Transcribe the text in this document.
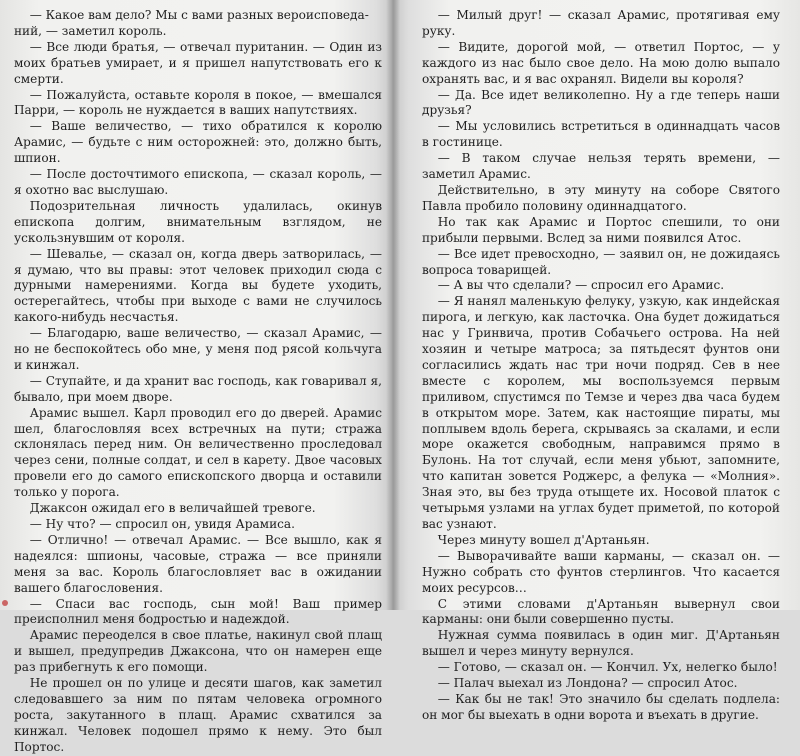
— Какое вам дело? Мы с вами разных вероисповеда-

ний, — заметил король.

— Все люди братья, — отвечал пуританин. — Один из моих братьев умирает, и я пришел напутствовать его к смерти.

— Пожалуйста, оставьте короля в покое, — вмешался Парри, — король не нуждается в ваших напутствиях.

— Ваше величество, — тихо обратился к королю Арамис, — будьте с ним осторожней: это, должно быть, шпион.

— После досточтимого епископа, — сказал король, — я охотно вас выслушаю.

Подозрительная личность удалилась, окинув епископа долгим, внимательным взглядом, не ускользнувшим от короля.

— Шевалье, — сказал он, когда дверь затворилась, — я думаю, что вы правы: этот человек приходил сюда с дурными намерениями. Когда вы будете уходить, остерегайтесь, чтобы при выходе с вами не случилось какого-нибудь несчастья.

— Благодарю, ваше величество, — сказал Арамис, — но не беспокойтесь обо мне, у меня под рясой кольчуга и кинжал.

— Ступайте, и да хранит вас господь, как говаривал я, бывало, при моем дворе.

Арамис вышел. Карл проводил его до дверей. Арамис шел, благословляя всех встречных на пути; стража склонялась перед ним. Он величественно проследовал через сени, полные солдат, и сел в карету. Двое часовых провели его до самого епископского дворца и оставили только у порога.

Джаксон ожидал его в величайшей тревоге.

— Ну что? — спросил он, увидя Арамиса.

— Отлично! — отвечал Арамис. — Все вышло, как я надеялся: шпионы, часовые, стража — все приняли меня за вас. Король благословляет вас в ожидании вашего благословения.

— Спаси вас господь, сын мой! Ваш пример преисполнил меня бодростью и надеждой.

Арамис переоделся в свое платье, накинул свой плащ и вышел, предупредив Джаксона, что он намерен еще раз прибегнуть к его помощи.

Не прошел он по улице и десяти шагов, как заметил следовавшего за ним по пятам человека огромного роста, закутанного в плащ. Арамис схватился за кинжал. Человек подошел прямо к нему. Это был Портос.

— Милый друг! — сказал Арамис, протягивая ему руку.

— Видите, дорогой мой, — ответил Портос, — у каждого из нас было свое дело. На мою долю выпало охранять вас, и я вас охранял. Видели вы короля?

— Да. Все идет великолепно. Ну а где теперь наши друзья?

— Мы условились встретиться в одиннадцать часов в гостинице.

— В таком случае нельзя терять времени, — заметил Арамис.

Действительно, в эту минуту на соборе Святого Павла пробило половину одиннадцатого.

Но так как Арамис и Портос спешили, то они прибыли первыми. Вслед за ними появился Атос.

— Все идет превосходно, — заявил он, не дожидаясь вопроса товарищей.

— А вы что сделали? — спросил его Арамис.

— Я нанял маленькую фелуку, узкую, как индейская пирога, и легкую, как ласточка. Она будет дожидаться нас у Гринвича, против Собачьего острова. На ней хозяин и четыре матроса; за пятьдесят фунтов они согласились ждать нас три ночи подряд. Сев в нее вместе с королем, мы воспользуемся первым приливом, спустимся по Темзе и через два часа будем в открытом море. Затем, как настоящие пираты, мы поплывем вдоль берега, скрываясь за скалами, и если море окажется свободным, направимся прямо в Булонь. На тот случай, если меня убьют, запомните, что капитан зовется Роджерс, а фелука — «Молния». Зная это, вы без труда отыщете их. Носовой платок с четырьмя узлами на углах будет приметой, по которой вас узнают.

Через минуту вошел д'Артаньян.

— Выворачивайте ваши карманы, — сказал он. — Нужно собрать сто фунтов стерлингов. Что касается моих ресурсов…

С этими словами д'Артаньян вывернул свои карманы: они были совершенно пусты.

Нужная сумма появилась в один миг. Д'Артаньян вышел и через минуту вернулся.

— Готово, — сказал он. — Кончил. Ух, нелегко было!

— Палач выехал из Лондона? — спросил Атос.

— Как бы не так! Это значило бы сделать подлела: он мог бы выехать в одни ворота и въехать в другие.
